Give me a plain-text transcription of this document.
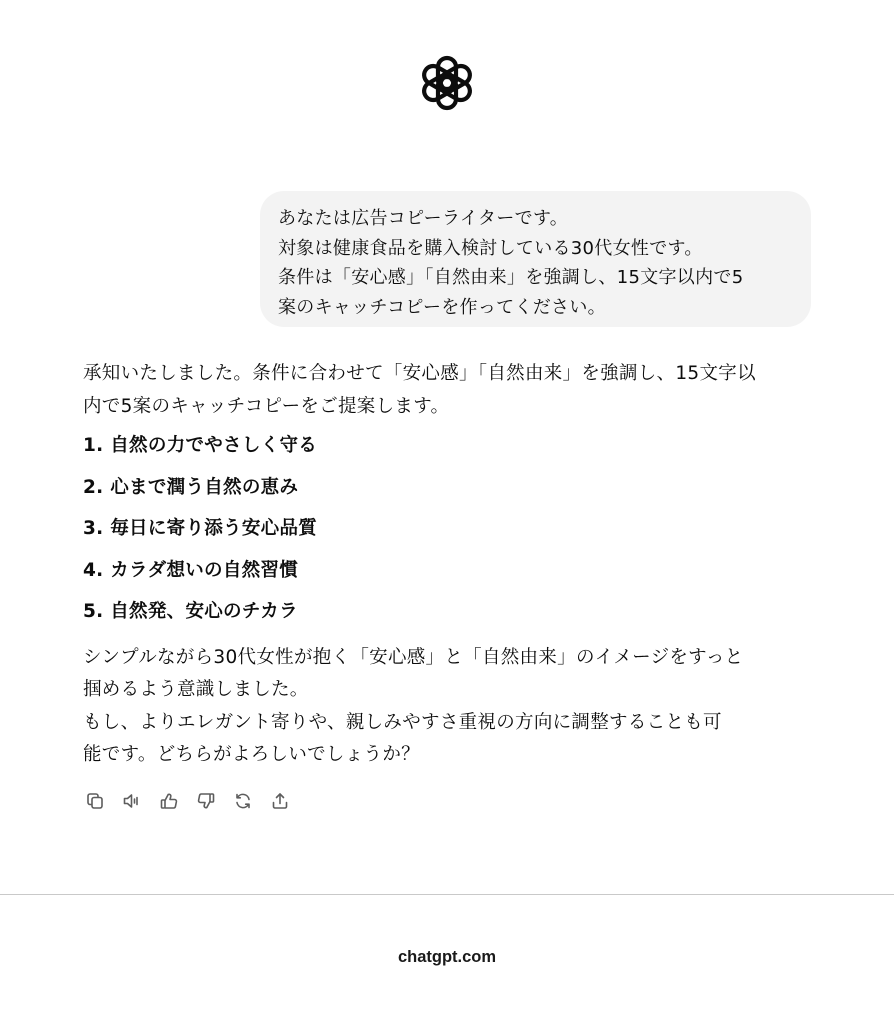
あなたは広告コピーライターです。
対象は健康食品を購入検討している30代女性です。
条件は「安心感」「自然由来」を強調し、15文字以内で5
案のキャッチコピーを作ってください。

承知いたしました。条件に合わせて「安心感」「自然由来」を強調し、15文字以
内で5案のキャッチコピーをご提案します。

1. 自然の力でやさしく守る
2. 心まで潤う自然の恵み
3. 毎日に寄り添う安心品質
4. カラダ想いの自然習慣
5. 自然発、安心のチカラ

シンプルながら30代女性が抱く「安心感」と「自然由来」のイメージをすっと
掴めるよう意識しました。
もし、よりエレガント寄りや、親しみやすさ重視の方向に調整することも可
能です。どちらがよろしいでしょうか？

chatgpt.com
